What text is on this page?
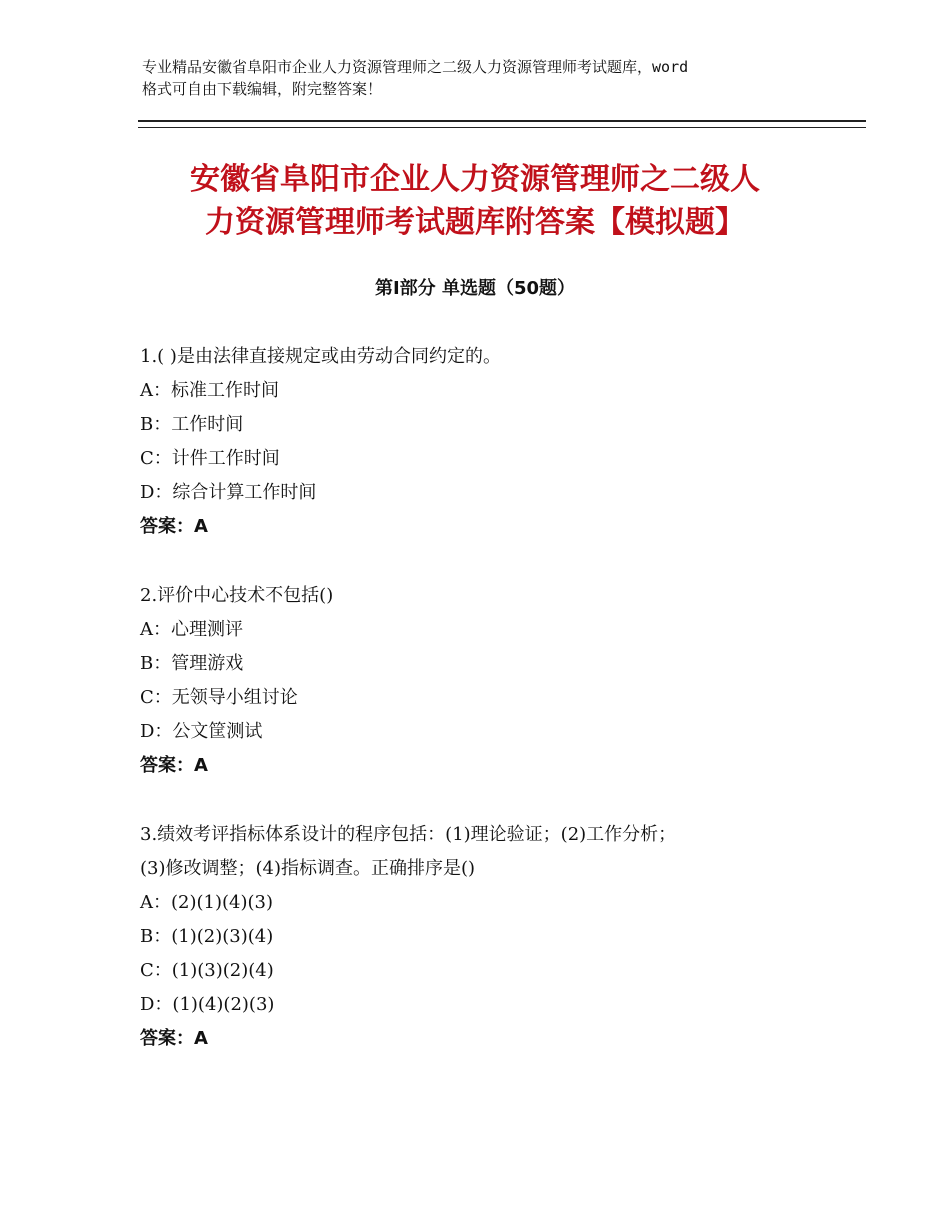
专业精品安徽省阜阳市企业人力资源管理师之二级人力资源管理师考试题库，word
格式可自由下载编辑，附完整答案！
安徽省阜阳市企业人力资源管理师之二级人
力资源管理师考试题库附答案【模拟题】
第Ⅰ部分 单选题（50题）
1.( )是由法律直接规定或由劳动合同约定的。
A：标准工作时间
B：工作时间
C：计件工作时间
D：综合计算工作时间
答案：A
2.评价中心技术不包括()
A：心理测评
B：管理游戏
C：无领导小组讨论
D：公文筐测试
答案：A
3.绩效考评指标体系设计的程序包括：(1)理论验证；(2)工作分析；
(3)修改调整；(4)指标调查。正确排序是()
A：(2)(1)(4)(3)
B：(1)(2)(3)(4)
C：(1)(3)(2)(4)
D：(1)(4)(2)(3)
答案：A
